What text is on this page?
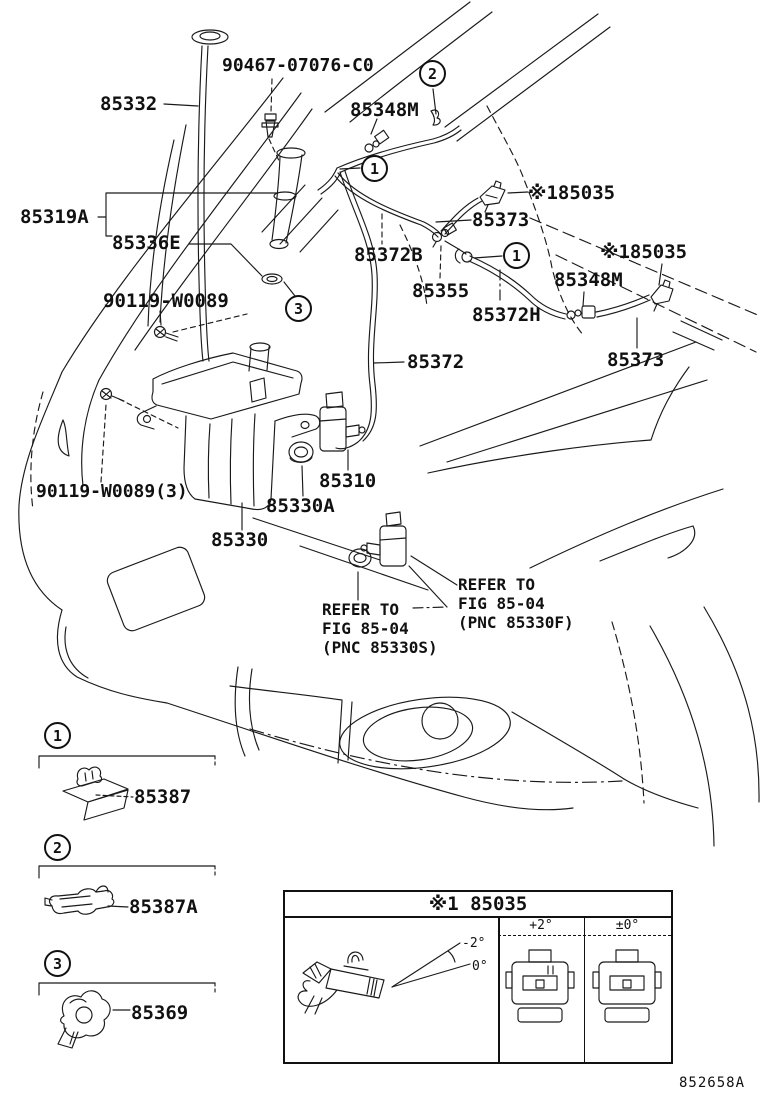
90467-07076-C0
85332	85348M
85319A
85336E
90119-W0089
※185035
85373
85372B
85355
※185035
85348M
85372H
85373
85372
85310
90119-W0089(3)
85330A
85330
2
1
1
3
REFER TO
FIG 85-04
(PNC 85330S)
REFER TO
FIG 85-04
(PNC 85330F)
1
85387
2
85387A
3
85369
※1 85035
+2°	±0°
-2°
0°
852658A
